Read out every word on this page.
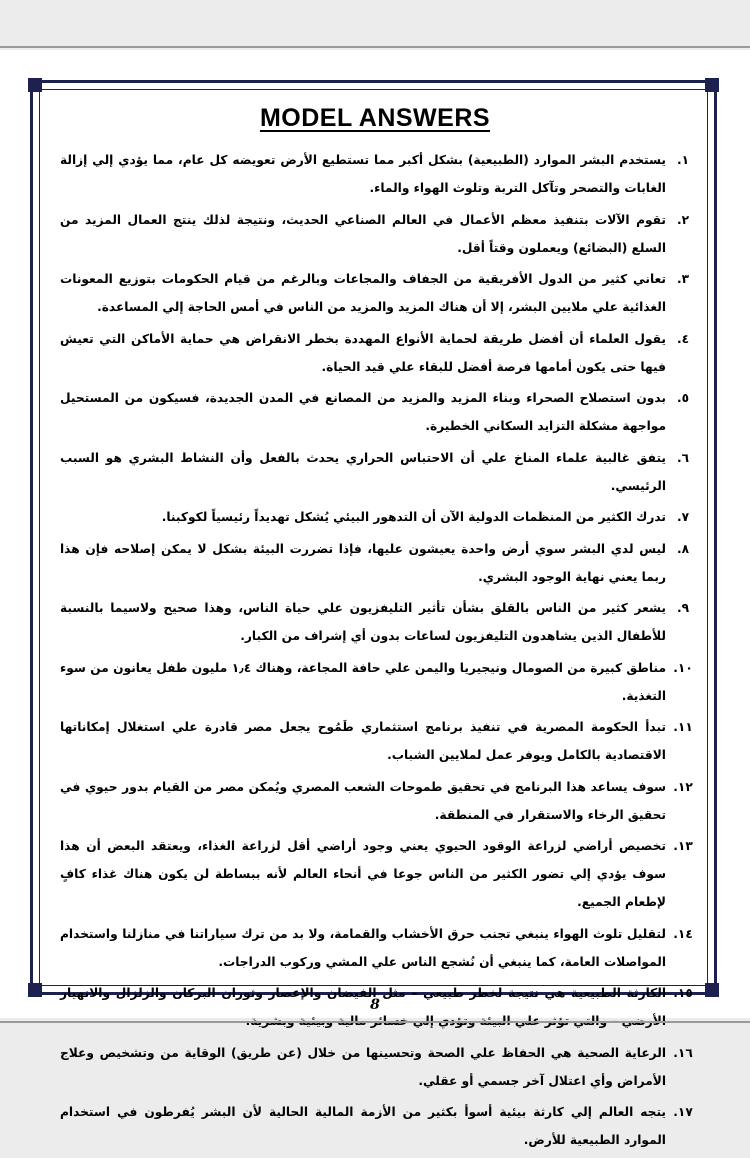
MODEL ANSWERS
١.
يستخدم البشر الموارد (الطبيعية) بشكل أكبر مما تستطيع الأرض تعويضه كل عام، مما يؤدي إلي إزالة الغابات والتصحر وتآكل التربة وتلوث الهواء والماء.
٢.
تقوم الآلات بتنفيذ معظم الأعمال في العالم الصناعي الحديث، ونتيجة لذلك ينتج العمال المزيد من السلع (البضائع) ويعملون وقتاً أقل.
٣.
تعاني كثير من الدول الأفريقية من الجفاف والمجاعات وبالرغم من قيام الحكومات بتوزيع المعونات الغذائية علي ملايين البشر، إلا أن هناك المزيد والمزيد من الناس في أمس الحاجة إلي المساعدة.
٤.
يقول العلماء أن أفضل طريقة لحماية الأنواع المهددة بخطر الانقراض هي حماية الأماكن التي تعيش فيها حتى يكون أمامها فرصة أفضل للبقاء علي قيد الحياة.
٥.
بدون استصلاح الصحراء وبناء المزيد والمزيد من المصانع في المدن الجديدة، فسيكون من المستحيل مواجهة مشكلة التزايد السكاني الخطيرة.
٦.
يتفق غالبية علماء المناخ علي أن الاحتباس الحراري يحدث بالفعل وأن النشاط البشري هو السبب الرئيسي.
٧.
تدرك الكثير من المنظمات الدولية الآن أن التدهور البيئي يُشكل تهديداً رئيسياً لكوكبنا.
٨.
ليس لدي البشر سوي أرض واحدة يعيشون عليها، فإذا تضررت البيئة بشكل لا يمكن إصلاحه فإن هذا ربما يعني نهاية الوجود البشري.
٩.
يشعر كثير من الناس بالقلق بشأن تأثير التليفزيون علي حياة الناس، وهذا صحيح ولاسيما بالنسبة للأطفال الذين يشاهدون التليفزيون لساعات بدون أي إشراف من الكبار.
١٠.
مناطق كبيرة من الصومال ونيجيريا واليمن علي حافة المجاعة، وهناك ١٫٤ مليون طفل يعانون من سوء التغذية.
١١.
تبدأ الحكومة المصرية في تنفيذ برنامج استثماري طَمُوح يجعل مصر قادرة علي استغلال إمكاناتها الاقتصادية بالكامل ويوفر عمل لملايين الشباب.
١٢.
سوف يساعد هذا البرنامج في تحقيق طموحات الشعب المصري ويُمكن مصر من القيام بدور حيوي في تحقيق الرخاء والاستقرار في المنطقة.
١٣.
تخصيص أراضي لزراعة الوقود الحيوي يعني وجود أراضي أقل لزراعة الغذاء، ويعتقد البعض أن هذا سوف يؤدي إلي تضور الكثير من الناس جوعا في أنحاء العالم لأنه ببساطة لن يكون هناك غذاء كافٍ لإطعام الجميع.
١٤.
لتقليل تلوث الهواء ينبغي تجنب حرق الأخشاب والقمامة، ولا بد من ترك سياراتنا في منازلنا واستخدام المواصلات العامة، كما ينبغي أن نُشجع الناس علي المشي وركوب الدراجات.
١٥.
الكارثة الطبيعية هي نتيجة لخطر طبيعي – مثل الفيضان والإعصار وثوران البركان والزلزال والانهيار
١٦.
الرعاية الصحية هي الحفاظ علي الصحة وتحسينها من خلال (عن طريق) الوقاية من وتشخيص وعلاج الأمراض وأي اعتلال آخر جسمي أو عقلي.
١٧.
يتجه العالم إلي كارثة بيئية أسوأ بكثير من الأزمة المالية الحالية لأن البشر يُفرطون في استخدام الموارد الطبيعية للأرض.
8
